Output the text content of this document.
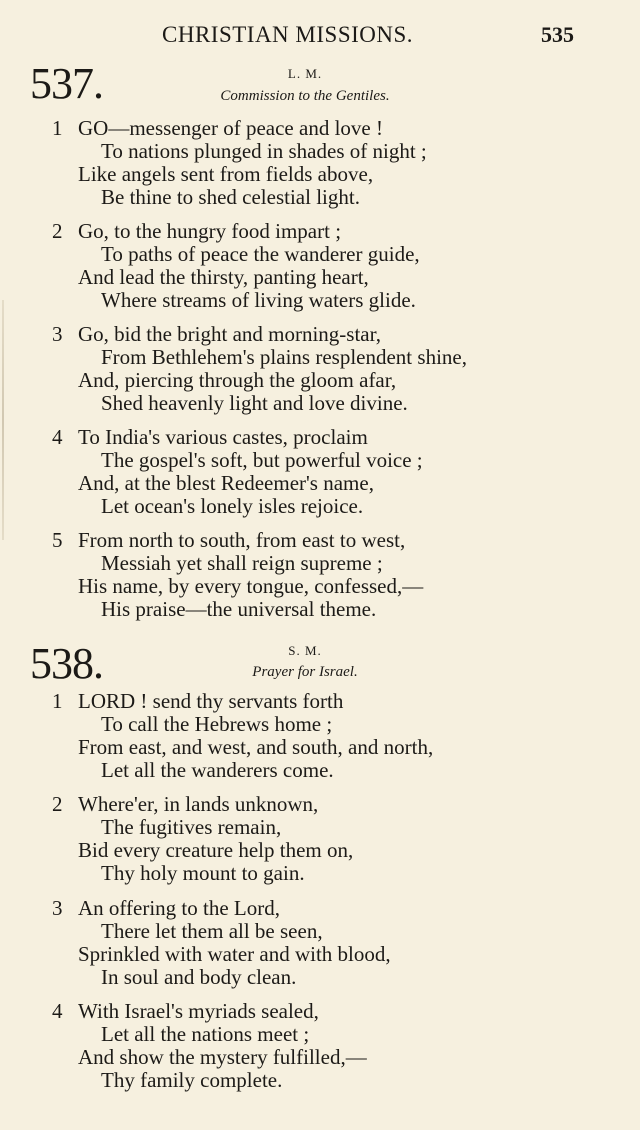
CHRISTIAN MISSIONS.	535
537.	L. M.
Commission to the Gentiles.
1 GO—messenger of peace and love !
To nations plunged in shades of night ;
Like angels sent from fields above,
Be thine to shed celestial light.
2 Go, to the hungry food impart ;
To paths of peace the wanderer guide,
And lead the thirsty, panting heart,
Where streams of living waters glide.
3 Go, bid the bright and morning-star,
From Bethlehem's plains resplendent shine,
And, piercing through the gloom afar,
Shed heavenly light and love divine.
4 To India's various castes, proclaim
The gospel's soft, but powerful voice ;
And, at the blest Redeemer's name,
Let ocean's lonely isles rejoice.
5 From north to south, from east to west,
Messiah yet shall reign supreme ;
His name, by every tongue, confessed,—
His praise—the universal theme.
538.	S. M.
Prayer for Israel.
1 LORD ! send thy servants forth
To call the Hebrews home ;
From east, and west, and south, and north,
Let all the wanderers come.
2 Where'er, in lands unknown,
The fugitives remain,
Bid every creature help them on,
Thy holy mount to gain.
3 An offering to the Lord,
There let them all be seen,
Sprinkled with water and with blood,
In soul and body clean.
4 With Israel's myriads sealed,
Let all the nations meet ;
And show the mystery fulfilled,—
Thy family complete.
